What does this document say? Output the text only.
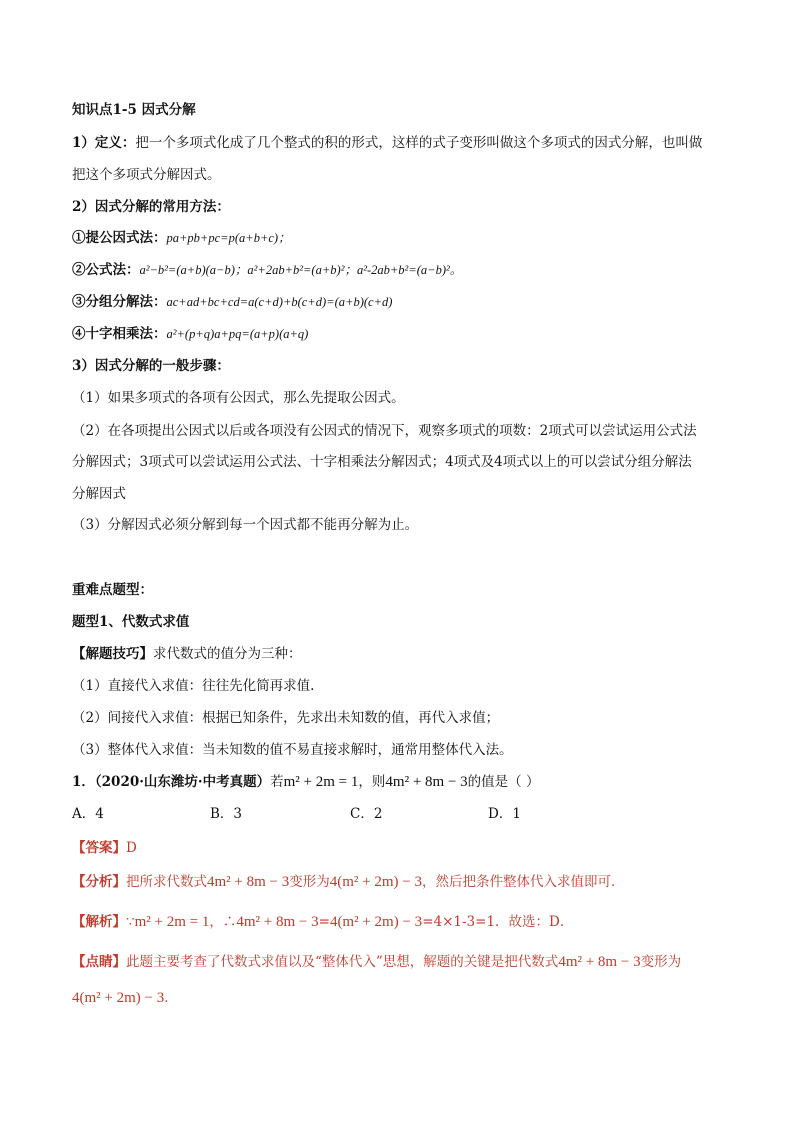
知识点1-5 因式分解
1）定义：把一个多项式化成了几个整式的积的形式，这样的式子变形叫做这个多项式的因式分解，也叫做
把这个多项式分解因式。
2）因式分解的常用方法：
①提公因式法：pa+pb+pc=p(a+b+c)；
②公式法：a²−b²=(a+b)(a−b)；a²+2ab+b²=(a+b)²；a²-2ab+b²=(a−b)²。
③分组分解法：ac+ad+bc+cd=a(c+d)+b(c+d)=(a+b)(c+d)
④十字相乘法：a²+(p+q)a+pq=(a+p)(a+q)
3）因式分解的一般步骤：
（1）如果多项式的各项有公因式，那么先提取公因式。
（2）在各项提出公因式以后或各项没有公因式的情况下，观察多项式的项数：2项式可以尝试运用公式法
分解因式；3项式可以尝试运用公式法、十字相乘法分解因式；4项式及4项式以上的可以尝试分组分解法
分解因式
（3）分解因式必须分解到每一个因式都不能再分解为止。
重难点题型：
题型1、代数式求值
【解题技巧】求代数式的值分为三种：
（1）直接代入求值：往往先化简再求值.
（2）间接代入求值：根据已知条件，先求出未知数的值，再代入求值；
（3）整体代入求值：当未知数的值不易直接求解时，通常用整体代入法。
1．（2020·山东潍坊·中考真题）若m² + 2m = 1，则4m² + 8m − 3的值是（ ）
A．4	B．3	C．2	D．1
【答案】D
【分析】把所求代数式4m² + 8m − 3变形为4(m² + 2m) − 3，然后把条件整体代入求值即可．
【解析】∵m² + 2m = 1，∴4m² + 8m − 3=4(m² + 2m) − 3=4×1-3=1．故选：D．
【点睛】此题主要考查了代数式求值以及“整体代入”思想，解题的关键是把代数式4m² + 8m − 3变形为
4(m² + 2m) − 3．
